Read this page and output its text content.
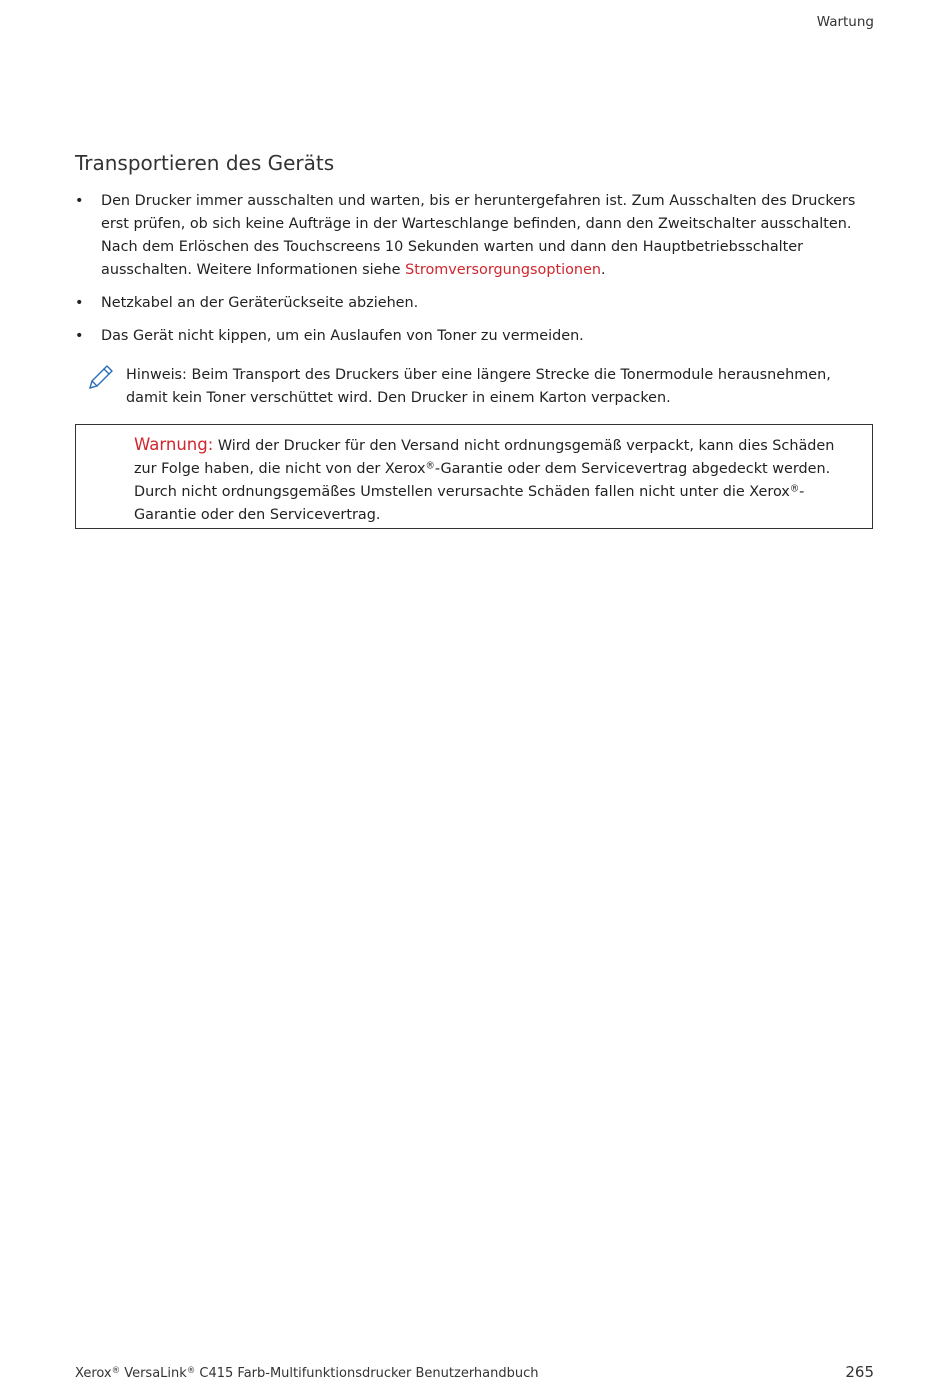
Wartung
Transportieren des Geräts
• Den Drucker immer ausschalten und warten, bis er heruntergefahren ist. Zum Ausschalten des Druckers erst prüfen, ob sich keine Aufträge in der Warteschlange befinden, dann den Zweitschalter ausschalten. Nach dem Erlöschen des Touchscreens 10 Sekunden warten und dann den Hauptbetriebsschalter ausschalten. Weitere Informationen siehe Stromversorgungsoptionen.
• Netzkabel an der Geräterückseite abziehen.
• Das Gerät nicht kippen, um ein Auslaufen von Toner zu vermeiden.
Hinweis: Beim Transport des Druckers über eine längere Strecke die Tonermodule herausnehmen, damit kein Toner verschüttet wird. Den Drucker in einem Karton verpacken.
Warnung: Wird der Drucker für den Versand nicht ordnungsgemäß verpackt, kann dies Schäden zur Folge haben, die nicht von der Xerox®-Garantie oder dem Servicevertrag abgedeckt werden. Durch nicht ordnungsgemäßes Umstellen verursachte Schäden fallen nicht unter die Xerox®-Garantie oder den Servicevertrag.
Xerox® VersaLink® C415 Farb-Multifunktionsdrucker Benutzerhandbuch	265
